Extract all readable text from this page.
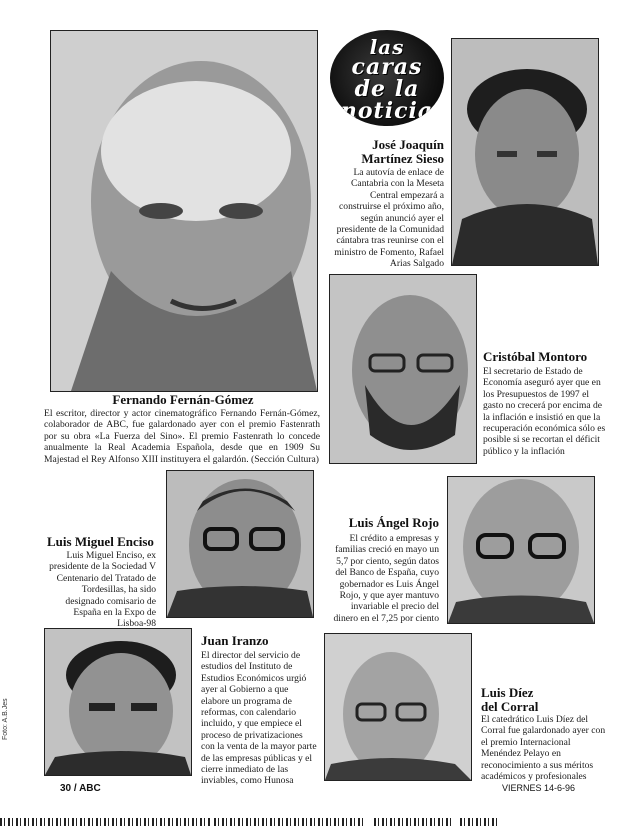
las
caras
de la
noticia
Fernando Fernán-Gómez
El escritor, director y actor cinematográfico Fernando Fernán-Gómez, colaborador de ABC, fue galardonado ayer con el premio Fastenrath por su obra «La Fuerza del Sino». El premio Fastenrath lo concede anualmente la Real Academia Española, desde que en 1909 Su Majestad el Rey Alfonso XIII instituyera el galardón. (Sección Cultura)
José Joaquín
Martínez Sieso
La autovía de enlace de Cantabria con la Meseta Central empezará a construirse el próximo año, según anunció ayer el presidente de la Comunidad cántabra tras reunirse con el ministro de Fomento, Rafael Arias Salgado
Cristóbal Montoro
El secretario de Estado de Economía aseguró ayer que en los Presupuestos de 1997 el gasto no crecerá por encima de la inflación e insistió en que la recuperación económica sólo es posible si se recortan el déficit público y la inflación
Luis Miguel Enciso
Luis Miguel Enciso, ex presidente de la Sociedad V Centenario del Tratado de Tordesillas, ha sido designado comisario de España en la Expo de Lisboa-98
Luis Ángel Rojo
El crédito a empresas y familias creció en mayo un 5,7 por ciento, según datos del Banco de España, cuyo gobernador es Luis Ángel Rojo, y que ayer mantuvo invariable el precio del dinero en el 7,25 por ciento
Juan Iranzo
El director del servicio de estudios del Instituto de Estudios Económicos urgió ayer al Gobierno a que elabore un programa de reformas, con calendario incluido, y que empiece el proceso de privatizaciones con la venta de la mayor parte de las empresas públicas y el cierre inmediato de las inviables, como Hunosa
Luis Díez
del Corral
El catedrático Luis Díez del Corral fue galardonado ayer con el premio Internacional Menéndez Pelayo en reconocimiento a sus méritos académicos y profesionales
Foto: A.B.Jes
30 / ABC	VIERNES 14-6-96
